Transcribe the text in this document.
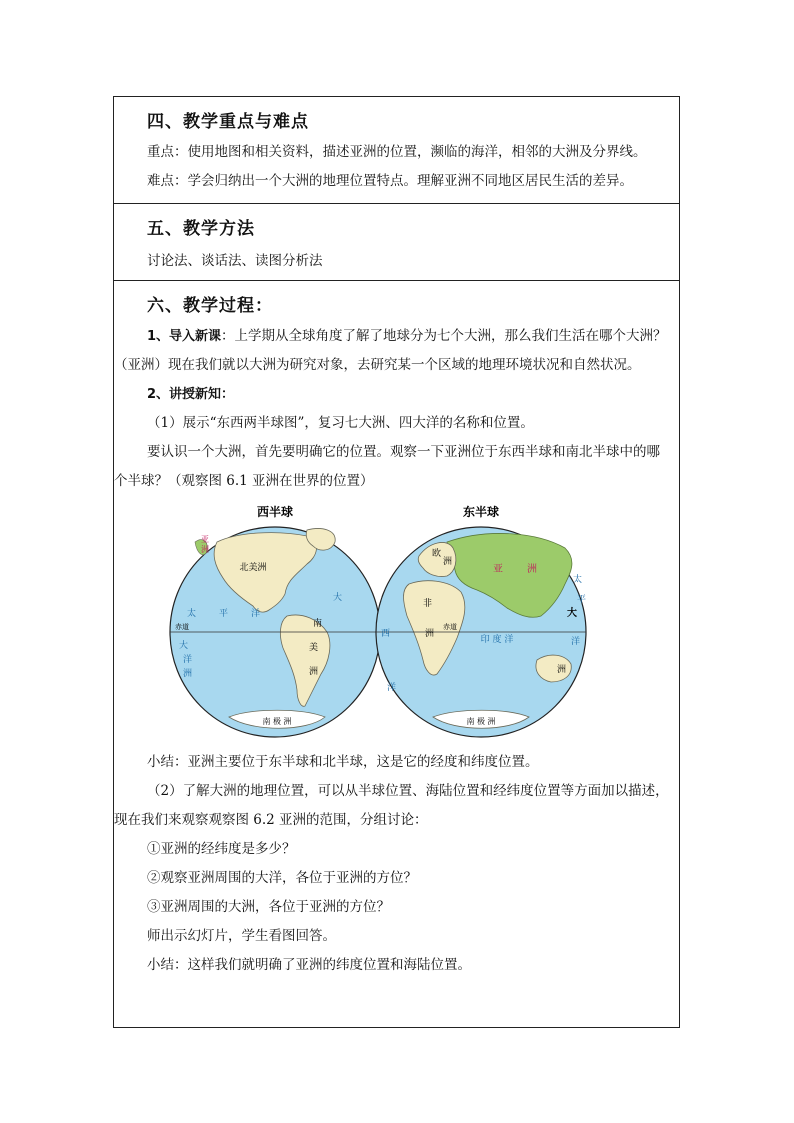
四、教学重点与难点

重点：使用地图和相关资料，描述亚洲的位置，濒临的海洋，相邻的大洲及分界线。

难点：学会归纳出一个大洲的地理位置特点。理解亚洲不同地区居民生活的差异。

五、教学方法

讨论法、谈话法、读图分析法

六、教学过程：

1、导入新课：上学期从全球角度了解了地球分为七个大洲，那么我们生活在哪个大洲？

（亚洲）现在我们就以大洲为研究对象，去研究某一个区域的地理环境状况和自然状况。

2、讲授新知：

（1）展示“东西两半球图”，复习七大洲、四大洋的名称和位置。

要认识一个大洲，首先要明确它的位置。观察一下亚洲位于东西半球和南北半球中的哪

个半球？（观察图 6.1 亚洲在世界的位置）

西半球
北美洲
亚
洲
大
太	平	洋
赤道
大
洋
洲
南
美
洲
南 极 洲
东半球
欧
洲
亚 洲
非
洲
印 度 洋
赤道
西
洋
太
平
大
洋
洲
南 极 洲

小结：亚洲主要位于东半球和北半球，这是它的经度和纬度位置。

（2）了解大洲的地理位置，可以从半球位置、海陆位置和经纬度位置等方面加以描述，

现在我们来观察观察图 6.2 亚洲的范围，分组讨论：

①亚洲的经纬度是多少？

②观察亚洲周围的大洋，各位于亚洲的方位？

③亚洲周围的大洲，各位于亚洲的方位？

师出示幻灯片，学生看图回答。

小结：这样我们就明确了亚洲的纬度位置和海陆位置。
